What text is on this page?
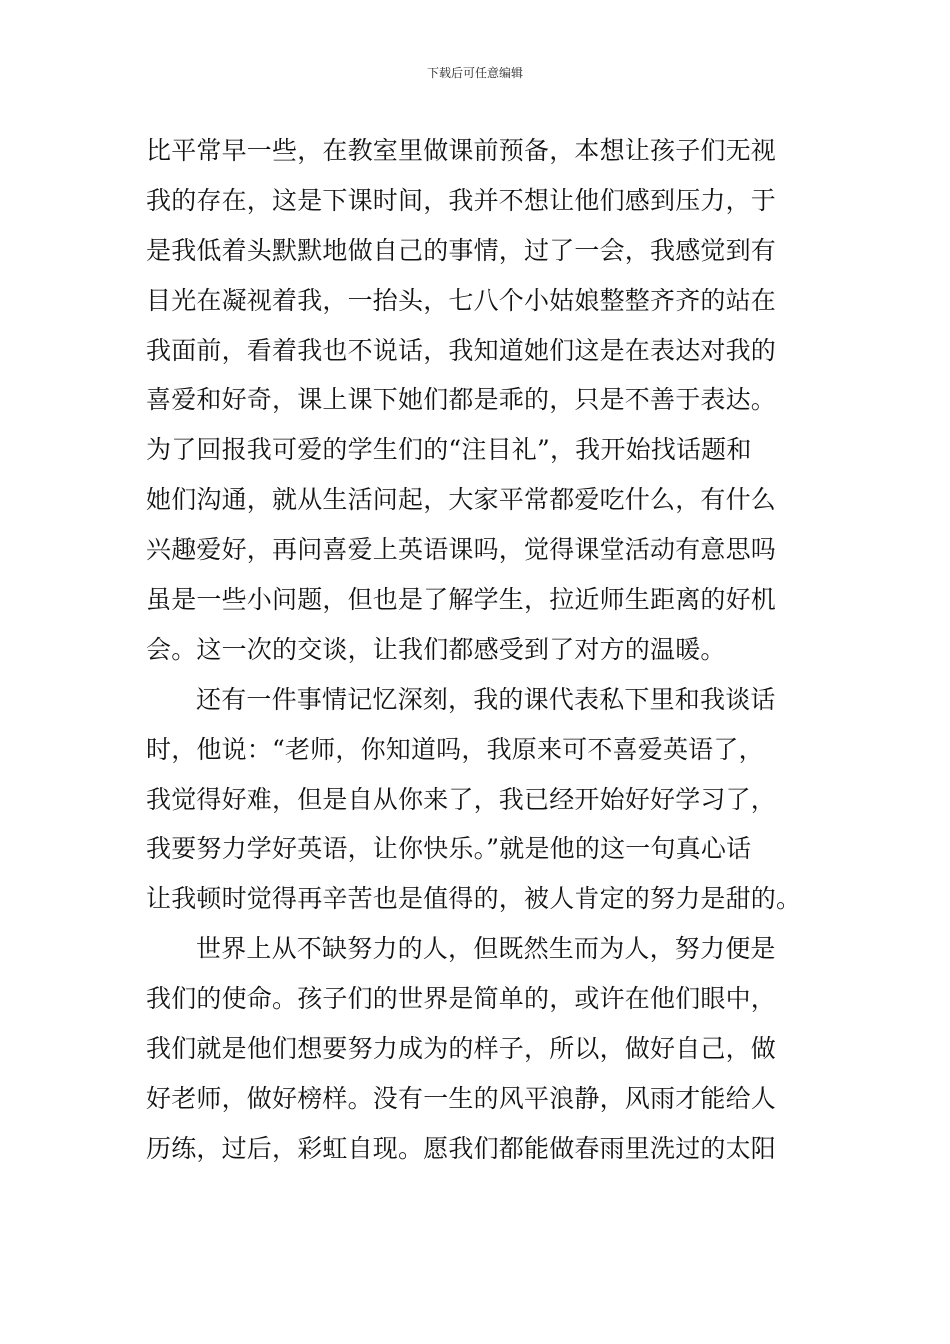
下载后可任意编辑
比平常早一些，在教室里做课前预备，本想让孩子们无视
我的存在，这是下课时间，我并不想让他们感到压力，于
是我低着头默默地做自己的事情，过了一会，我感觉到有
目光在凝视着我，一抬头，七八个小姑娘整整齐齐的站在
我面前，看着我也不说话，我知道她们这是在表达对我的
喜爱和好奇，课上课下她们都是乖的，只是不善于表达。
为了回报我可爱的学生们的“注目礼”，我开始找话题和
她们沟通，就从生活问起，大家平常都爱吃什么，有什么
兴趣爱好，再问喜爱上英语课吗，觉得课堂活动有意思吗
虽是一些小问题，但也是了解学生，拉近师生距离的好机
会。这一次的交谈，让我们都感受到了对方的温暖。
还有一件事情记忆深刻，我的课代表私下里和我谈话
时，他说：“老师，你知道吗，我原来可不喜爱英语了，
我觉得好难，但是自从你来了，我已经开始好好学习了，
我要努力学好英语，让你快乐。”就是他的这一句真心话
让我顿时觉得再辛苦也是值得的，被人肯定的努力是甜的。
世界上从不缺努力的人，但既然生而为人，努力便是
我们的使命。孩子们的世界是简单的，或许在他们眼中，
我们就是他们想要努力成为的样子，所以，做好自己，做
好老师，做好榜样。没有一生的风平浪静，风雨才能给人
历练，过后，彩虹自现。愿我们都能做春雨里洗过的太阳
